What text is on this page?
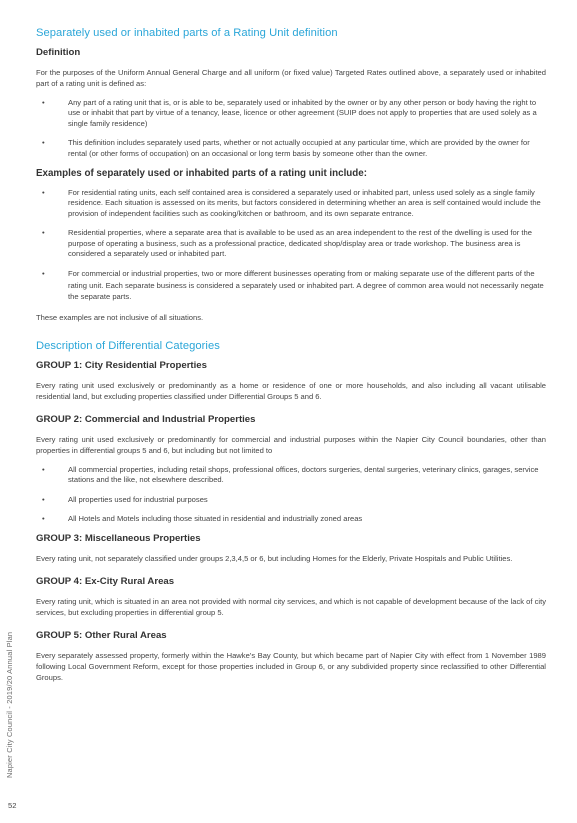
Separately used or inhabited parts of a Rating Unit definition
Definition

For the purposes of the Uniform Annual General Charge and all uniform (or fixed value) Targeted Rates outlined above, a separately used or inhabited part of a rating unit is defined as:

•	Any part of a rating unit that is, or is able to be, separately used or inhabited by the owner or by any other person or body having the right to use or inhabit that part by virtue of a tenancy, lease, licence or other agreement (SUIP does not apply to properties that are used solely as a single family residence)
•	This definition includes separately used parts, whether or not actually occupied at any particular time, which are provided by the owner for rental (or other forms of occupation) on an occasional or long term basis by someone other than the owner.
Examples of separately used or inhabited parts of a rating unit include:
•	For residential rating units, each self contained area is considered a separately used or inhabited part, unless used solely as a single family residence. Each situation is assessed on its merits, but factors considered in determining whether an area is self contained would include the provision of independent facilities such as cooking/kitchen or bathroom, and its own separate entrance.
•	Residential properties, where a separate area that is available to be used as an area independent to the rest of the dwelling is used for the purpose of operating a business, such as a professional practice, dedicated shop/display area or trade workshop. The business area is considered a separately used or inhabited part.
•	For commercial or industrial properties, two or more different businesses operating from or making separate use of the different parts of the rating unit. Each separate business is considered a separately used or inhabited part. A degree of common area would not necessarily negate the separate parts.

These examples are not inclusive of all situations.

Description of Differential Categories
GROUP 1: City Residential Properties

Every rating unit used exclusively or predominantly as a home or residence of one or more households, and also including all vacant utilisable residential land, but excluding properties classified under Differential Groups 5 and 6.

GROUP 2: Commercial and Industrial Properties

Every rating unit used exclusively or predominantly for commercial and industrial purposes within the Napier City Council boundaries, other than properties in differential groups 5 and 6, but including but not limited to

•	All commercial properties, including retail shops, professional offices, doctors surgeries, dental surgeries, veterinary clinics, garages, service stations and the like, not elsewhere described.
•	All properties used for industrial purposes
•	All Hotels and Motels including those situated in residential and industrially zoned areas
GROUP 3: Miscellaneous Properties

Every rating unit, not separately classified under groups 2,3,4,5 or 6, but including Homes for the Elderly, Private Hospitals and Public Utilities.

GROUP 4: Ex-City Rural Areas

Every rating unit, which is situated in an area not provided with normal city services, and which is not capable of development because of the lack of city services, but excluding properties in differential group 5.

GROUP 5: Other Rural Areas

Every separately assessed property, formerly within the Hawke’s Bay County, but which became part of Napier City with effect from 1 November 1989 following Local Government Reform, except for those properties included in Group 6, or any subdivided property since reclassified to other Differential Groups.

Napier City Council - 2019/20 Annual Plan
52
